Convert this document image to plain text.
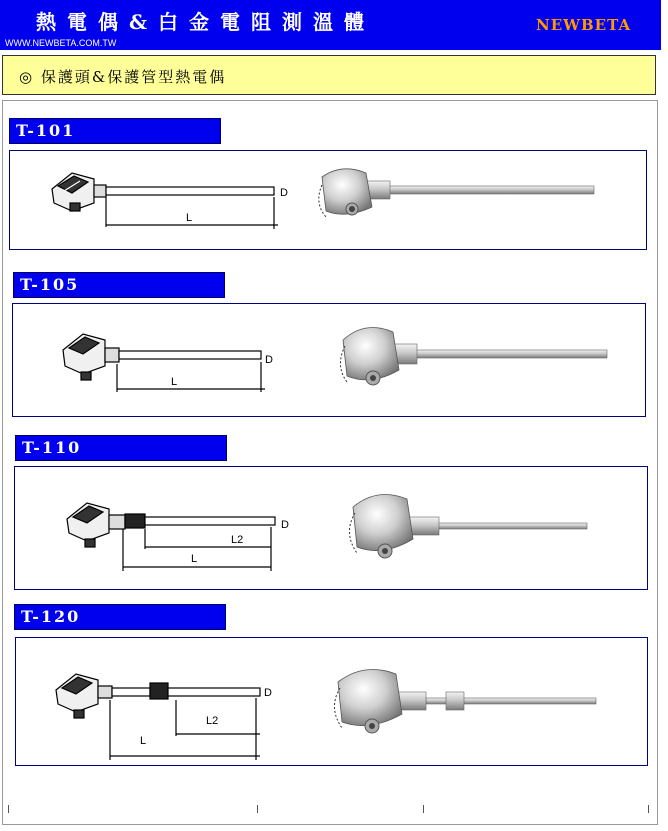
熱電偶&白金電阻測溫體
WWW.NEWBETA.COM.TW
NEWBETA
◎ 保護頭&保護管型熱電偶
T-101
D
L
T-105
D
L
T-110
D
L
L2
T-120
D
L
L2
